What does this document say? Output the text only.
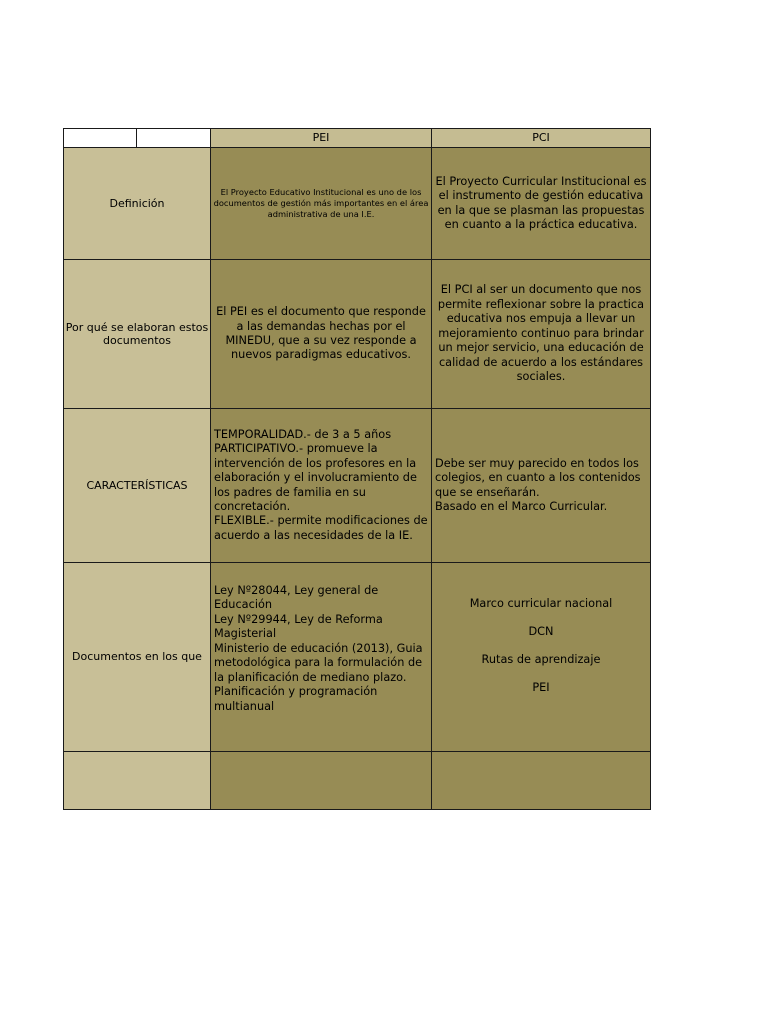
PEI	PCI
Definición
El Proyecto Educativo Institucional es uno de los documentos de gestión más importantes en el área administrativa de una I.E.
El Proyecto Curricular Institucional es el instrumento de gestión educativa en la que se plasman las propuestas en cuanto a la práctica educativa.
Por qué se elaboran estos documentos
El PEI es el documento que responde a las demandas hechas por el MINEDU, que a su vez responde a nuevos paradigmas educativos.
El PCI al ser un documento que nos permite reflexionar sobre la practica educativa nos empuja a llevar un mejoramiento continuo para brindar un mejor servicio, una educación de calidad de acuerdo a los estándares sociales.
CARACTERÍSTICAS
TEMPORALIDAD.- de 3 a 5 años
PARTICIPATIVO.- promueve la intervención de los profesores en la elaboración y el involucramiento de los padres de familia en su concretación.
FLEXIBLE.- permite modificaciones de acuerdo a las necesidades de la IE.
Debe ser muy parecido en todos los colegios, en cuanto a los contenidos que se enseñarán.
Basado en el Marco Curricular.
Documentos en los que
Ley Nº28044, Ley general de Educación
Ley Nº29944, Ley de Reforma Magisterial
Ministerio de educación (2013), Guia metodológica para la formulación de la planificación de mediano plazo.
Planificación y programación multianual
Marco curricular nacional
DCN
Rutas de aprendizaje
PEI
